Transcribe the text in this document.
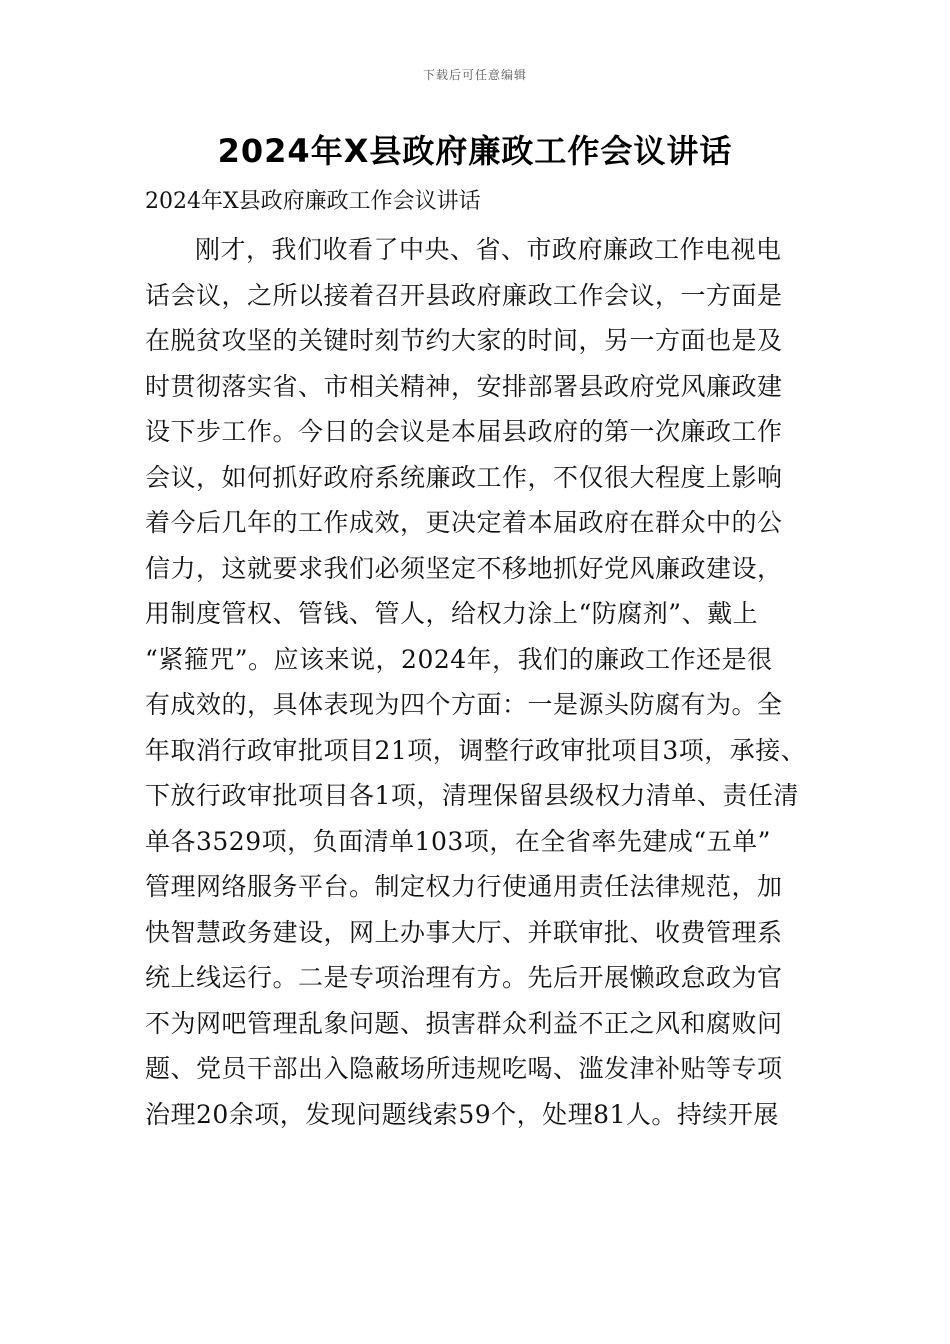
下载后可任意编辑
2024年X县政府廉政工作会议讲话

2024年X县政府廉政工作会议讲话

刚才，我们收看了中央、省、市政府廉政工作电视电
话会议，之所以接着召开县政府廉政工作会议，一方面是
在脱贫攻坚的关键时刻节约大家的时间，另一方面也是及
时贯彻落实省、市相关精神，安排部署县政府党风廉政建
设下步工作。今日的会议是本届县政府的第一次廉政工作
会议，如何抓好政府系统廉政工作，不仅很大程度上影响
着今后几年的工作成效，更决定着本届政府在群众中的公
信力，这就要求我们必须坚定不移地抓好党风廉政建设，
用制度管权、管钱、管人，给权力涂上“防腐剂”、戴上
“紧箍咒”。应该来说，2024年，我们的廉政工作还是很
有成效的，具体表现为四个方面：一是源头防腐有为。全
年取消行政审批项目21项，调整行政审批项目3项，承接、
下放行政审批项目各1项，清理保留县级权力清单、责任清
单各3529项，负面清单103项，在全省率先建成“五单”
管理网络服务平台。制定权力行使通用责任法律规范，加
快智慧政务建设，网上办事大厅、并联审批、收费管理系
统上线运行。二是专项治理有方。先后开展懒政怠政为官
不为网吧管理乱象问题、损害群众利益不正之风和腐败问
题、党员干部出入隐蔽场所违规吃喝、滥发津补贴等专项
治理20余项，发现问题线索59个，处理81人。持续开展
